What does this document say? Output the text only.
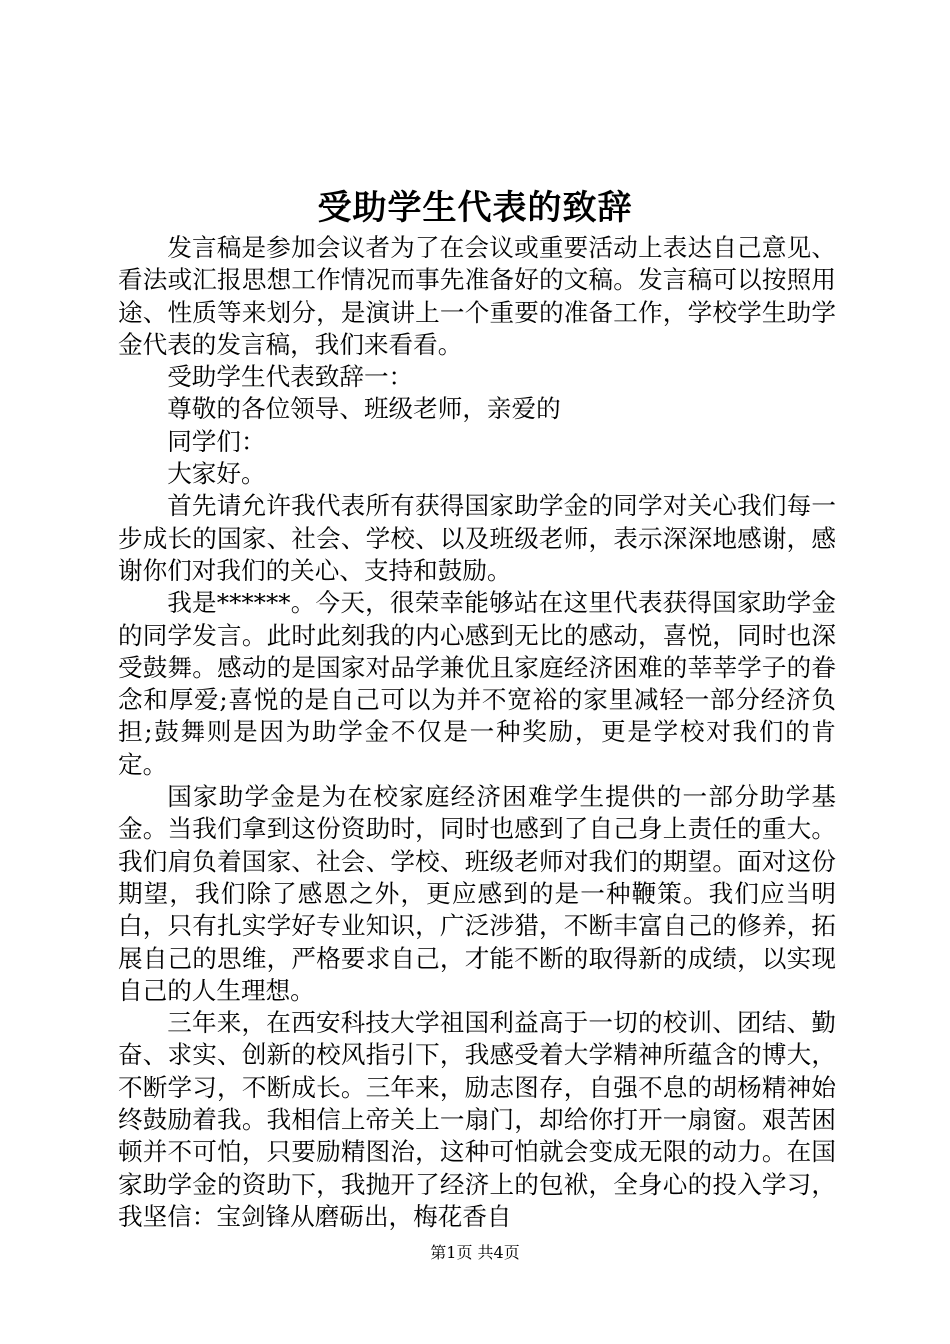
受助学生代表的致辞

发言稿是参加会议者为了在会议或重要活动上表达自己意见、看法或汇报思想工作情况而事先准备好的文稿。发言稿可以按照用途、性质等来划分，是演讲上一个重要的准备工作，学校学生助学金代表的发言稿，我们来看看。

受助学生代表致辞一：

尊敬的各位领导、班级老师，亲爱的

同学们：

大家好。

首先请允许我代表所有获得国家助学金的同学对关心我们每一步成长的国家、社会、学校、以及班级老师，表示深深地感谢，感谢你们对我们的关心、支持和鼓励。

我是******。今天，很荣幸能够站在这里代表获得国家助学金的同学发言。此时此刻我的内心感到无比的感动，喜悦，同时也深受鼓舞。感动的是国家对品学兼优且家庭经济困难的莘莘学子的眷念和厚爱;喜悦的是自己可以为并不宽裕的家里减轻一部分经济负担;鼓舞则是因为助学金不仅是一种奖励，更是学校对我们的肯定。

国家助学金是为在校家庭经济困难学生提供的一部分助学基金。当我们拿到这份资助时，同时也感到了自己身上责任的重大。我们肩负着国家、社会、学校、班级老师对我们的期望。面对这份期望，我们除了感恩之外，更应感到的是一种鞭策。我们应当明白，只有扎实学好专业知识，广泛涉猎，不断丰富自己的修养，拓展自己的思维，严格要求自己，才能不断的取得新的成绩，以实现自己的人生理想。

三年来，在西安科技大学祖国利益高于一切的校训、团结、勤奋、求实、创新的校风指引下，我感受着大学精神所蕴含的博大，不断学习，不断成长。三年来，励志图存，自强不息的胡杨精神始终鼓励着我。我相信上帝关上一扇门，却给你打开一扇窗。艰苦困顿并不可怕，只要励精图治，这种可怕就会变成无限的动力。在国家助学金的资助下，我抛开了经济上的包袱，全身心的投入学习，我坚信：宝剑锋从磨砺出，梅花香自

第1页 共4页
